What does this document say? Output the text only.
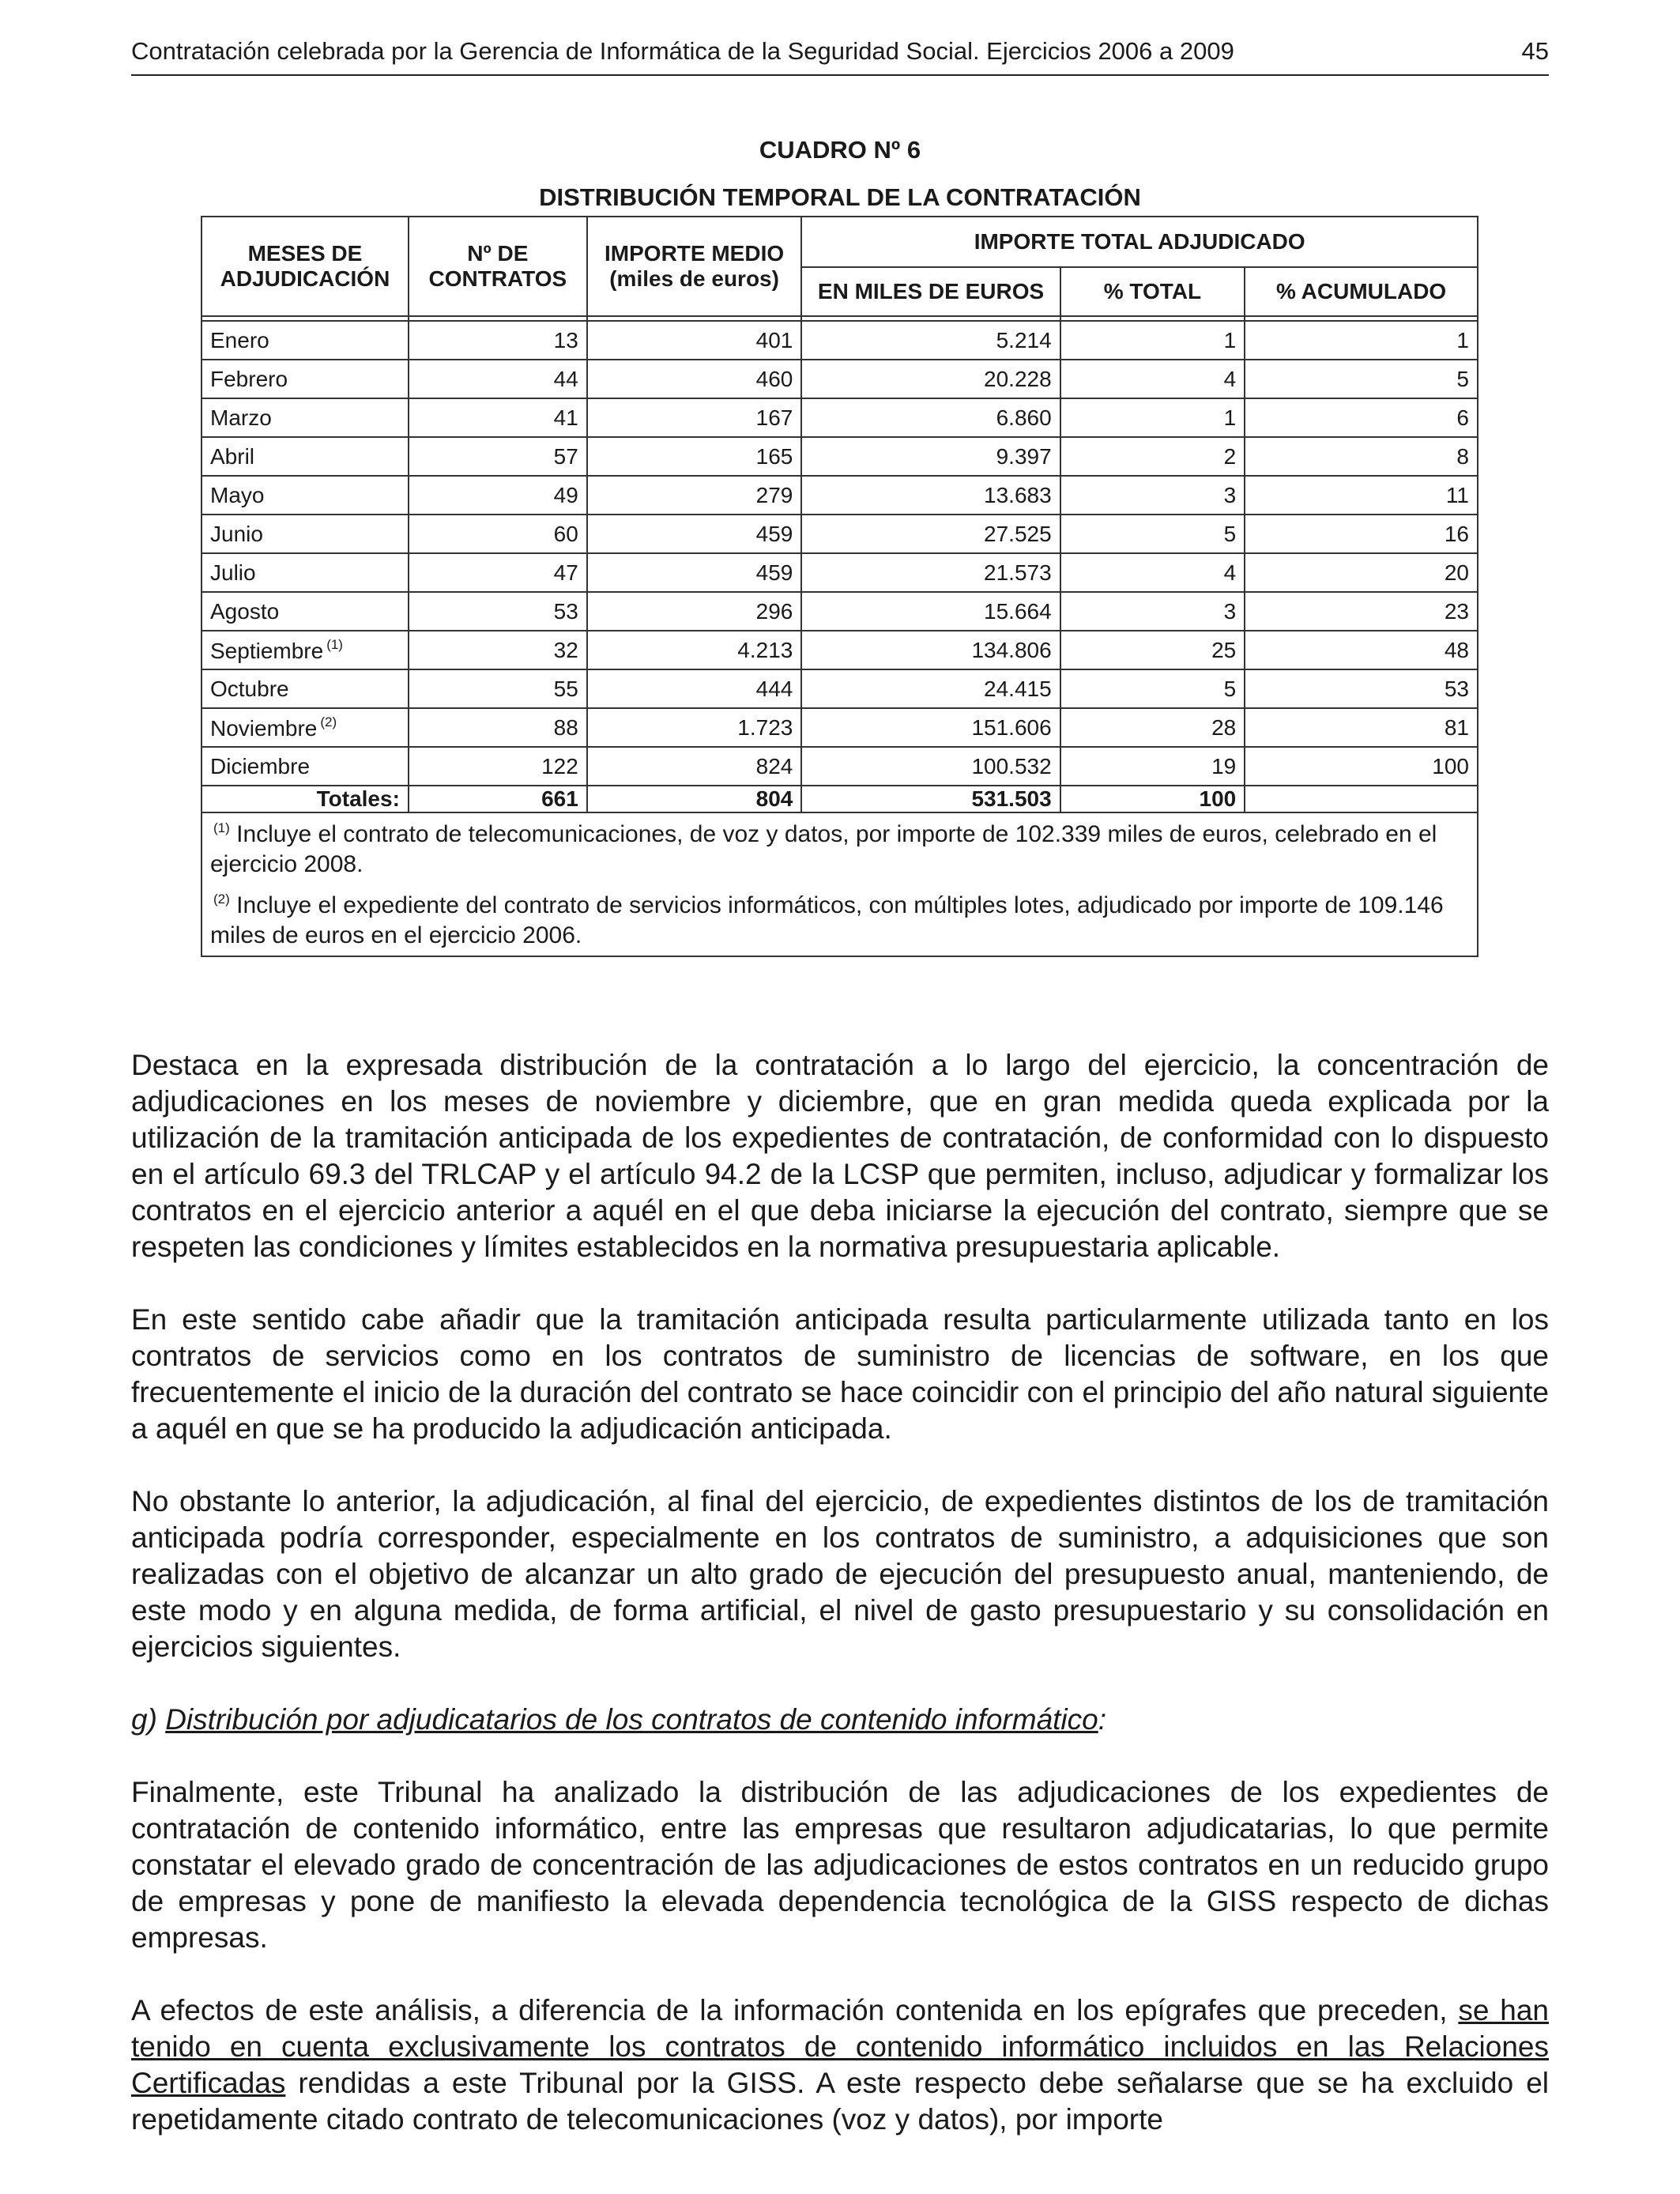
Contratación celebrada por la Gerencia de Informática de la Seguridad Social. Ejercicios 2006 a 2009	45
CUADRO Nº 6
DISTRIBUCIÓN TEMPORAL DE LA CONTRATACIÓN
MESES DE ADJUDICACIÓN	Nº DE CONTRATOS	IMPORTE MEDIO (miles de euros)	IMPORTE TOTAL ADJUDICADO		
			EN MILES DE EUROS	% TOTAL	% ACUMULADO

Enero	13	401	5.214	1	1
Febrero	44	460	20.228	4	5
Marzo	41	167	6.860	1	6
Abril	57	165	9.397	2	8
Mayo	49	279	13.683	3	11
Junio	60	459	27.525	5	16
Julio	47	459	21.573	4	20
Agosto	53	296	15.664	3	23
Septiembre $^{(1)}$	32	4.213	134.806	25	48
Octubre	55	444	24.415	5	53
Noviembre $^{(2)}$	88	1.723	151.606	28	81
Diciembre	122	824	100.532	19	100
Totales:	661	804	531.503	100	

$^{(1)}$ Incluye el contrato de telecomunicaciones, de voz y datos, por importe de 102.339 miles de euros, celebrado en el ejercicio 2008.

$^{(2)}$ Incluye el expediente del contrato de servicios informáticos, con múltiples lotes, adjudicado por importe de 109.146 miles de euros en el ejercicio 2006.					

Destaca en la expresada distribución de la contratación a lo largo del ejercicio, la concentración de adjudicaciones en los meses de noviembre y diciembre, que en gran medida queda explicada por la utilización de la tramitación anticipada de los expedientes de contratación, de conformidad con lo dispuesto en el artículo 69.3 del TRLCAP y el artículo 94.2 de la LCSP que permiten, incluso, adjudicar y formalizar los contratos en el ejercicio anterior a aquél en el que deba iniciarse la ejecución del contrato, siempre que se respeten las condiciones y límites establecidos en la normativa presupuestaria aplicable.

En este sentido cabe añadir que la tramitación anticipada resulta particularmente utilizada tanto en los contratos de servicios como en los contratos de suministro de licencias de software, en los que frecuentemente el inicio de la duración del contrato se hace coincidir con el principio del año natural siguiente a aquél en que se ha producido la adjudicación anticipada.

No obstante lo anterior, la adjudicación, al final del ejercicio, de expedientes distintos de los de tramitación anticipada podría corresponder, especialmente en los contratos de suministro, a adquisiciones que son realizadas con el objetivo de alcanzar un alto grado de ejecución del presupuesto anual, manteniendo, de este modo y en alguna medida, de forma artificial, el nivel de gasto presupuestario y su consolidación en ejercicios siguientes.

g) Distribución por adjudicatarios de los contratos de contenido informático:

Finalmente, este Tribunal ha analizado la distribución de las adjudicaciones de los expedientes de contratación de contenido informático, entre las empresas que resultaron adjudicatarias, lo que permite constatar el elevado grado de concentración de las adjudicaciones de estos contratos en un reducido grupo de empresas y pone de manifiesto la elevada dependencia tecnológica de la GISS respecto de dichas empresas.

A efectos de este análisis, a diferencia de la información contenida en los epígrafes que preceden, se han tenido en cuenta exclusivamente los contratos de contenido informático incluidos en las Relaciones Certificadas rendidas a este Tribunal por la GISS. A este respecto debe señalarse que se ha excluido el repetidamente citado contrato de telecomunicaciones (voz y datos), por importe
